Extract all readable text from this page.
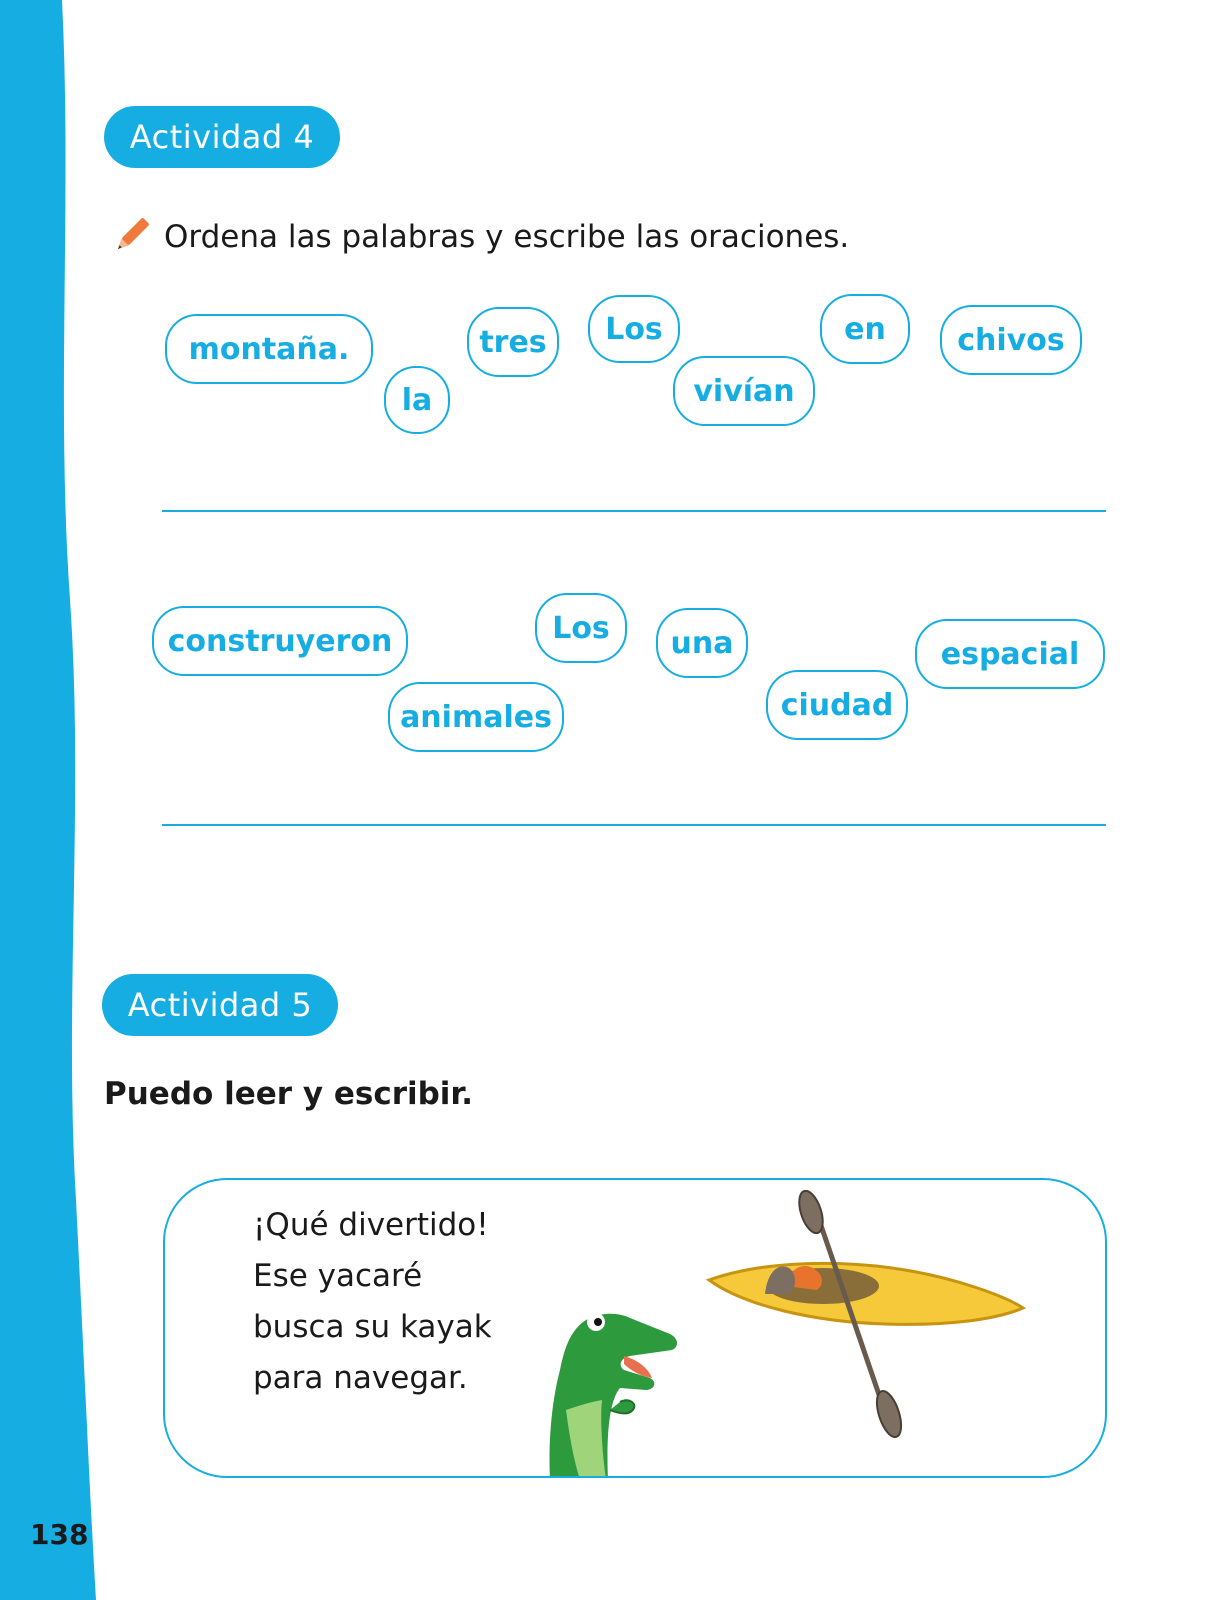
138
Actividad 4
Ordena las palabras y escribe las oraciones.
montaña.
la
tres	Los
vivían
en	chivos
construyeron
animales
Los	una
ciudad
espacial
Actividad 5
Puedo leer y escribir.
¡Qué divertido!
Ese yacaré
busca su kayak
para navegar.
